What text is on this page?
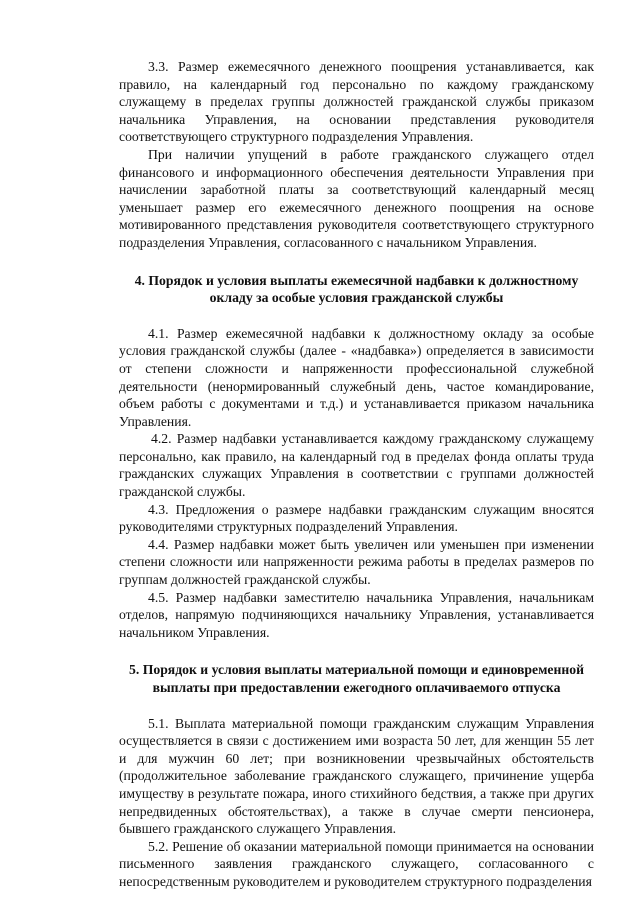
3.3. Размер ежемесячного денежного поощрения устанавливается, как правило, на календарный год персонально по каждому гражданскому служащему в пределах группы должностей гражданской службы приказом начальника Управления, на основании представления руководителя соответствующего структурного подразделения Управления.

При наличии упущений в работе гражданского служащего отдел финансового и информационного обеспечения деятельности Управления при начислении заработной платы за соответствующий календарный месяц уменьшает размер его ежемесячного денежного поощрения на основе мотивированного представления руководителя соответствующего структурного подразделения Управления, согласованного с начальником Управления.

4. Порядок и условия выплаты ежемесячной надбавки к должностному окладу за особые условия гражданской службы

4.1. Размер ежемесячной надбавки к должностному окладу за особые условия гражданской службы (далее - «надбавка») определяется в зависимости от степени сложности и напряженности профессиональной служебной деятельности (ненормированный служебный день, частое командирование, объем работы с документами и т.д.) и устанавливается приказом начальника Управления.

4.2. Размер надбавки устанавливается каждому гражданскому служащему персонально, как правило, на календарный год в пределах фонда оплаты труда гражданских служащих Управления в соответствии с группами должностей гражданской службы.

4.3. Предложения о размере надбавки гражданским служащим вносятся руководителями структурных подразделений Управления.

4.4. Размер надбавки может быть увеличен или уменьшен при изменении степени сложности или напряженности режима работы в пределах размеров по группам должностей гражданской службы.

4.5. Размер надбавки заместителю начальника Управления, начальникам отделов, напрямую подчиняющихся начальнику Управления, устанавливается начальником Управления.

5. Порядок и условия выплаты материальной помощи и единовременной выплаты при предоставлении ежегодного оплачиваемого отпуска

5.1. Выплата материальной помощи гражданским служащим Управления осуществляется в связи с достижением ими возраста 50 лет, для женщин 55 лет и для мужчин 60 лет; при возникновении чрезвычайных обстоятельств (продолжительное заболевание гражданского служащего, причинение ущерба имуществу в результате пожара, иного стихийного бедствия, а также при других непредвиденных обстоятельствах), а также в случае смерти пенсионера, бывшего гражданского служащего Управления.

5.2. Решение об оказании материальной помощи принимается на основании письменного заявления гражданского служащего, согласованного с непосредственным руководителем и руководителем структурного подразделения
